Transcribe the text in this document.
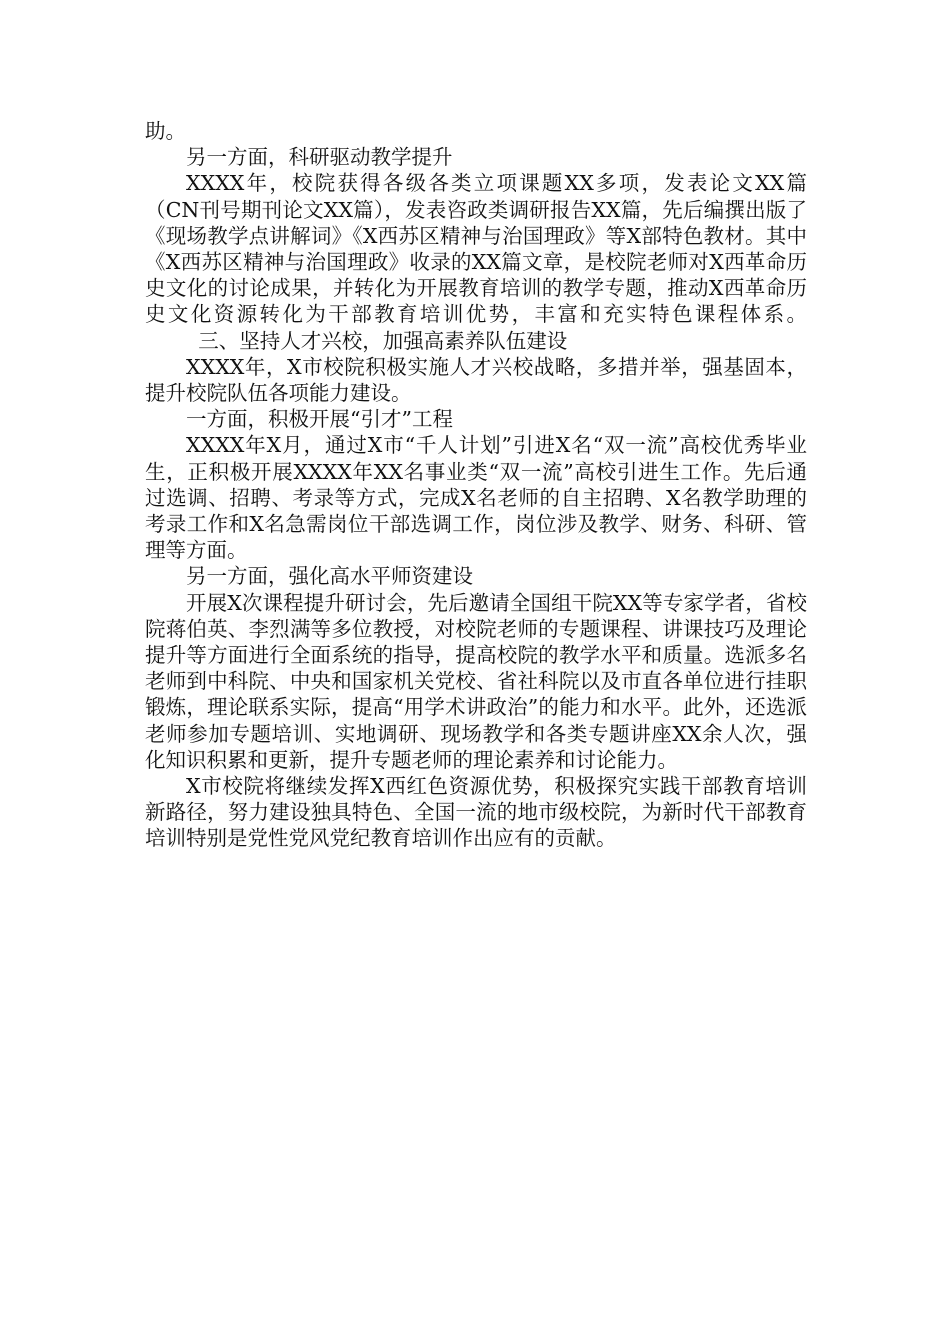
助。

另一方面，科研驱动教学提升

XXXX年，校院获得各级各类立项课题XX多项，发表论文XX篇（CN刊号期刊论文XX篇），发表咨政类调研报告XX篇，先后编撰出版了《现场教学点讲解词》《X西苏区精神与治国理政》等X部特色教材。其中《X西苏区精神与治国理政》收录的XX篇文章，是校院老师对X西革命历史文化的讨论成果，并转化为开展教育培训的教学专题，推动X西革命历史文化资源转化为干部教育培训优势，丰富和充实特色课程体系。三、坚持人才兴校，加强高素养队伍建设

XXXX年，X市校院积极实施人才兴校战略，多措并举，强基固本，提升校院队伍各项能力建设。

一方面，积极开展“引才”工程

XXXX年X月，通过X市“千人计划”引进X名“双一流”高校优秀毕业生，正积极开展XXXX年XX名事业类“双一流”高校引进生工作。先后通过选调、招聘、考录等方式，完成X名老师的自主招聘、X名教学助理的考录工作和X名急需岗位干部选调工作，岗位涉及教学、财务、科研、管理等方面。

另一方面，强化高水平师资建设

开展X次课程提升研讨会，先后邀请全国组干院XX等专家学者，省校院蒋伯英、李烈满等多位教授，对校院老师的专题课程、讲课技巧及理论提升等方面进行全面系统的指导，提高校院的教学水平和质量。选派多名老师到中科院、中央和国家机关党校、省社科院以及市直各单位进行挂职锻炼，理论联系实际，提高“用学术讲政治”的能力和水平。此外，还选派老师参加专题培训、实地调研、现场教学和各类专题讲座XX余人次，强化知识积累和更新，提升专题老师的理论素养和讨论能力。

X市校院将继续发挥X西红色资源优势，积极探究实践干部教育培训新路径，努力建设独具特色、全国一流的地市级校院，为新时代干部教育培训特别是党性党风党纪教育培训作出应有的贡献。
